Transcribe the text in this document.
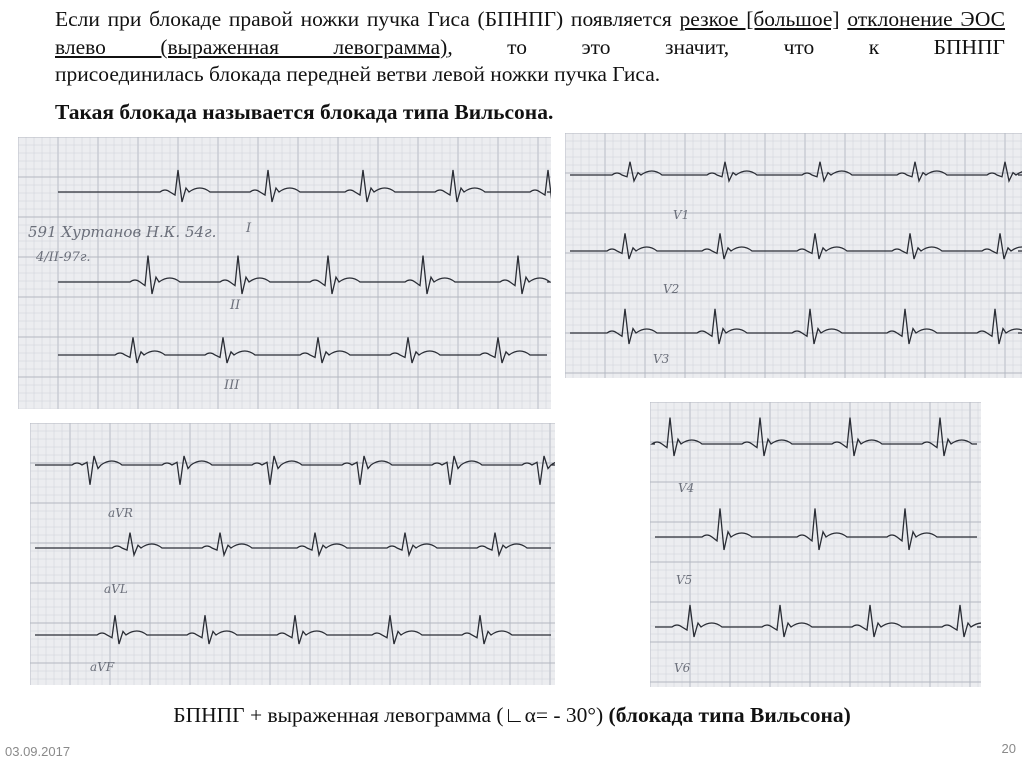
Если при блокаде правой ножки пучка Гиса (БПНПГ) появляется резкое [большое] отклонение ЭОС влево (выраженная левограмма), то это значит, что к БПНПГ
присоединилась блокада передней ветви левой ножки пучка Гиса.
Такая блокада называется блокада типа Вильсона.
591 Хуртанов Н.К. 54г.
4/II-97г.
I
II
III
aVR
aVL
aVF
V1
V2
V3
V4
V5
V6
БПНПГ + выраженная левограмма (∟α= - 30°) (блокада типа Вильсона)
03.09.2017	20
